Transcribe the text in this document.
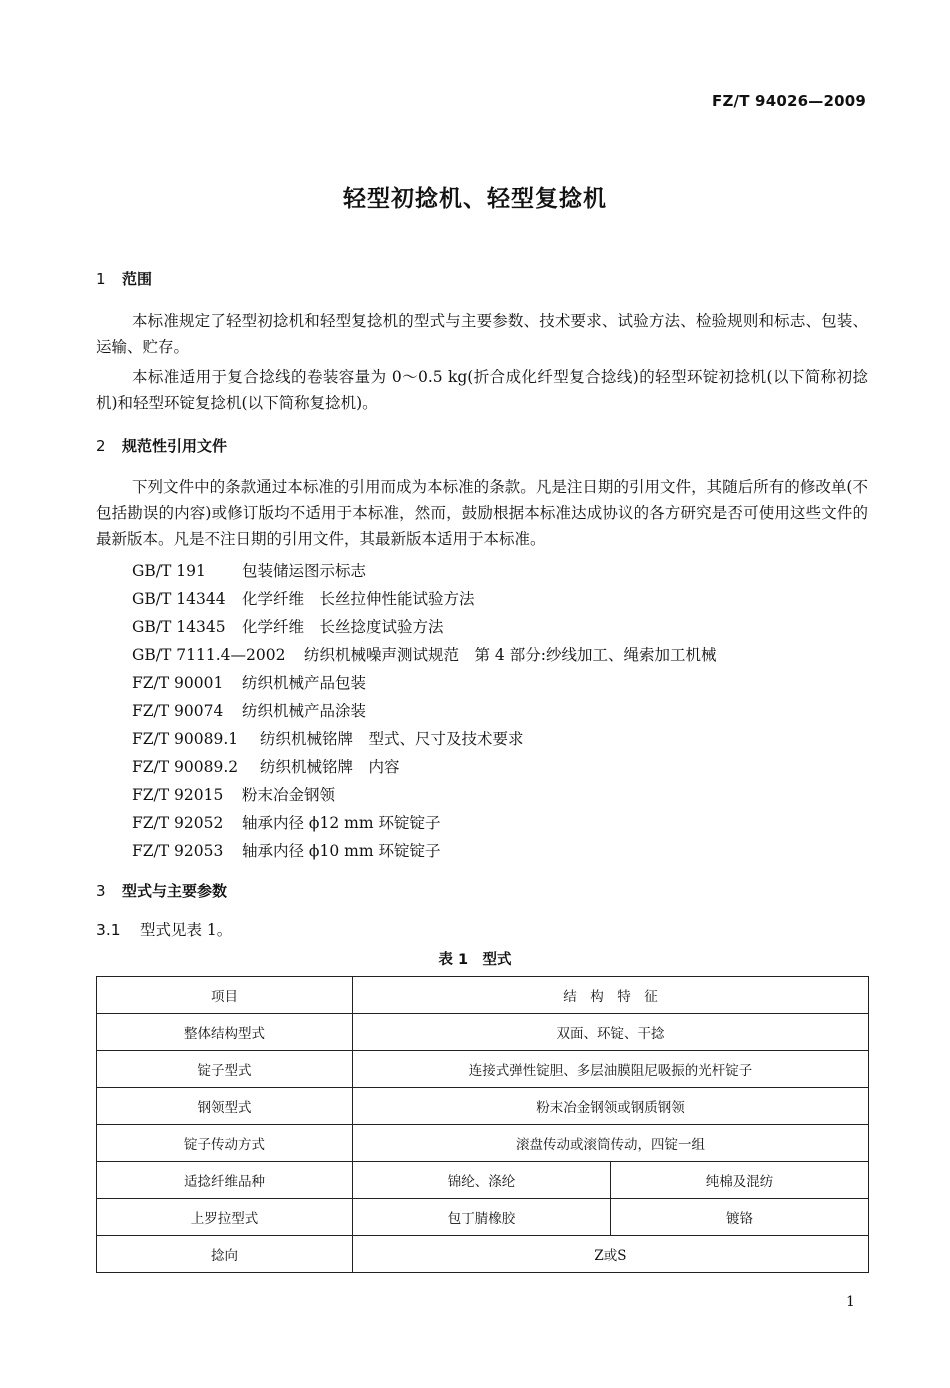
FZ/T 94026—2009
轻型初捻机、轻型复捻机
1 范围

本标准规定了轻型初捻机和轻型复捻机的型式与主要参数、技术要求、试验方法、检验规则和标志、包装、运输、贮存。

本标准适用于复合捻线的卷装容量为 0～0.5 kg(折合成化纤型复合捻线)的轻型环锭初捻机(以下简称初捻机)和轻型环锭复捻机(以下简称复捻机)。

2 规范性引用文件

下列文件中的条款通过本标准的引用而成为本标准的条款。凡是注日期的引用文件，其随后所有的修改单(不包括勘误的内容)或修订版均不适用于本标准，然而，鼓励根据本标准达成协议的各方研究是否可使用这些文件的最新版本。凡是不注日期的引用文件，其最新版本适用于本标准。

GB/T 191 包装储运图示标志
GB/T 14344 化学纤维　长丝拉伸性能试验方法
GB/T 14345 化学纤维　长丝捻度试验方法
GB/T 7111.4—2002 纺织机械噪声测试规范　第 4 部分:纱线加工、绳索加工机械
FZ/T 90001 纺织机械产品包装
FZ/T 90074 纺织机械产品涂装
FZ/T 90089.1 纺织机械铭牌　型式、尺寸及技术要求
FZ/T 90089.2 纺织机械铭牌　内容
FZ/T 92015 粉末冶金钢领
FZ/T 92052 轴承内径 ϕ12 mm 环锭锭子
FZ/T 92053 轴承内径 ϕ10 mm 环锭锭子
3 型式与主要参数
3.1 型式见表 1。
表 1　型式
项目	结　构　特　征	
整体结构型式	双面、环锭、干捻	
锭子型式	连接式弹性锭胆、多层油膜阻尼吸振的光杆锭子	
钢领型式	粉末冶金钢领或钢质钢领	
锭子传动方式	滚盘传动或滚筒传动，四锭一组	
适捻纤维品种	锦纶、涤纶	纯棉及混纺
上罗拉型式	包丁腈橡胶	镀铬
捻向	Z或S	
1
